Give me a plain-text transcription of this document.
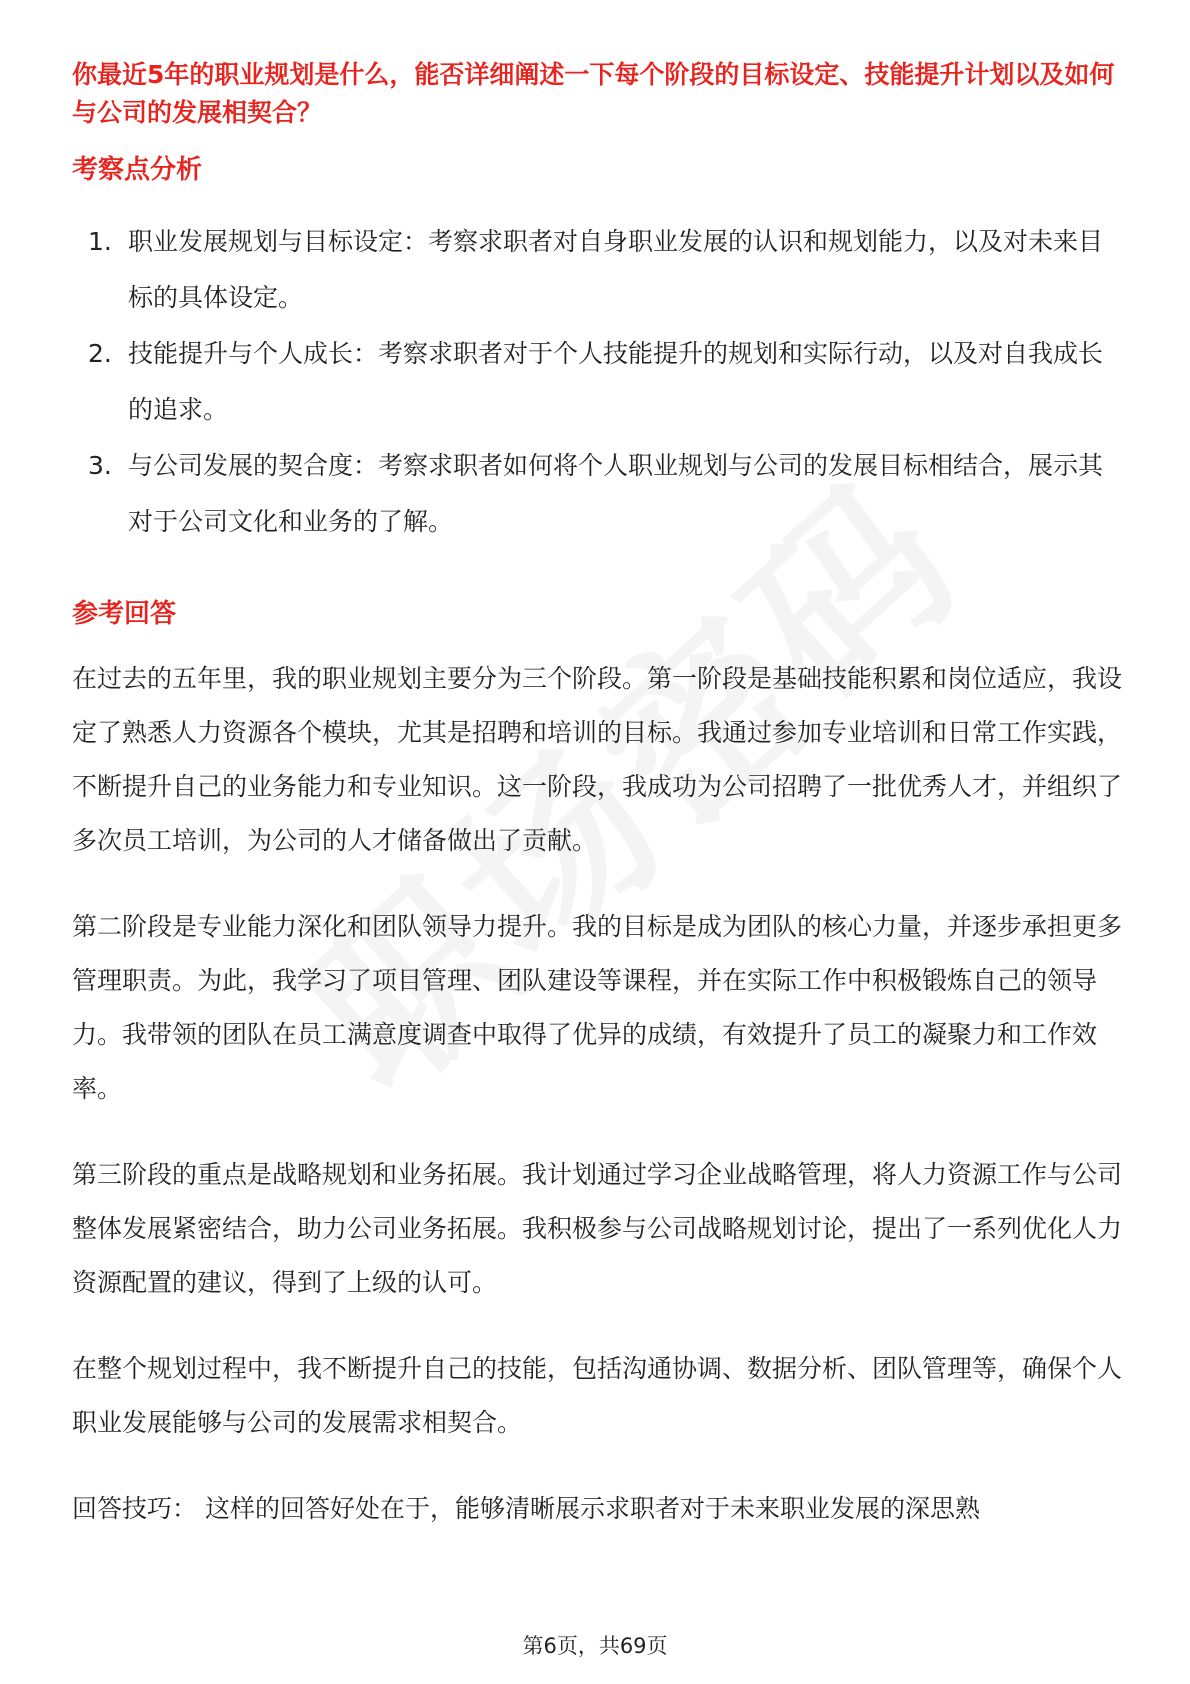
你最近5年的职业规划是什么，能否详细阐述一下每个阶段的目标设定、技能提升计划以及如何与公司的发展相契合？

考察点分析
1. 职业发展规划与目标设定：考察求职者对自身职业发展的认识和规划能力，以及对未来目标的具体设定。
2. 技能提升与个人成长：考察求职者对于个人技能提升的规划和实际行动，以及对自我成长的追求。
3. 与公司发展的契合度：考察求职者如何将个人职业规划与公司的发展目标相结合，展示其对于公司文化和业务的了解。
参考回答

在过去的五年里，我的职业规划主要分为三个阶段。第一阶段是基础技能积累和岗位适应，我设定了熟悉人力资源各个模块，尤其是招聘和培训的目标。我通过参加专业培训和日常工作实践，不断提升自己的业务能力和专业知识。这一阶段，我成功为公司招聘了一批优秀人才，并组织了多次员工培训，为公司的人才储备做出了贡献。

第二阶段是专业能力深化和团队领导力提升。我的目标是成为团队的核心力量，并逐步承担更多管理职责。为此，我学习了项目管理、团队建设等课程，并在实际工作中积极锻炼自己的领导力。我带领的团队在员工满意度调查中取得了优异的成绩，有效提升了员工的凝聚力和工作效率。

第三阶段的重点是战略规划和业务拓展。我计划通过学习企业战略管理，将人力资源工作与公司整体发展紧密结合，助力公司业务拓展。我积极参与公司战略规划讨论，提出了一系列优化人力资源配置的建议，得到了上级的认可。

在整个规划过程中，我不断提升自己的技能，包括沟通协调、数据分析、团队管理等，确保个人职业发展能够与公司的发展需求相契合。

回答技巧： 这样的回答好处在于，能够清晰展示求职者对于未来职业发展的深思熟

第6页，共69页
